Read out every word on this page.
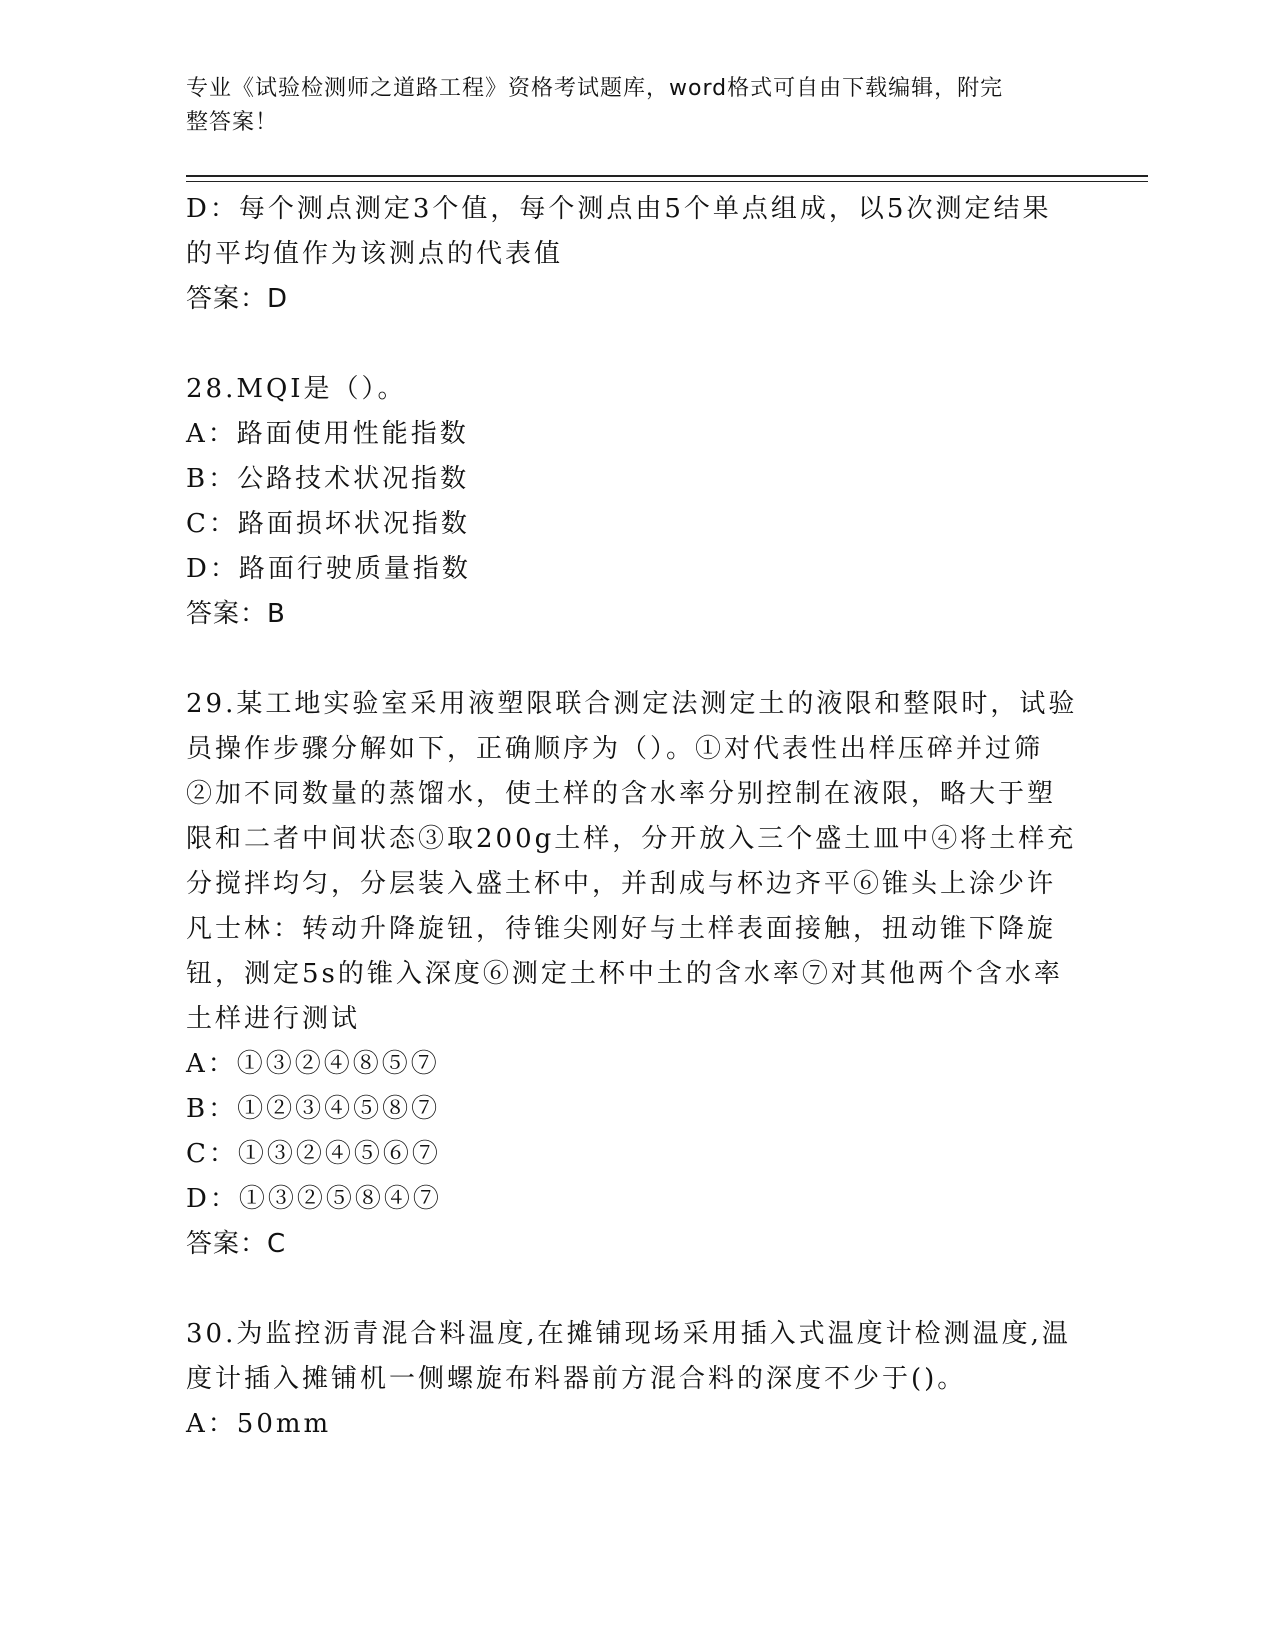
专业《试验检测师之道路工程》资格考试题库，word格式可自由下载编辑，附完
整答案！

D：每个测点测定3个值，每个测点由5个单点组成，以5次测定结果

的平均值作为该测点的代表值

答案：D

28.MQI是（）。

A：路面使用性能指数

B：公路技术状况指数

C：路面损坏状况指数

D：路面行驶质量指数

答案：B

29.某工地实验室采用液塑限联合测定法测定土的液限和整限时，试验

员操作步骤分解如下，正确顺序为（）。①对代表性出样压碎并过筛

②加不同数量的蒸馏水，使土样的含水率分别控制在液限，略大于塑

限和二者中间状态③取200g土样，分开放入三个盛土皿中④将土样充

分搅拌均匀，分层装入盛土杯中，并刮成与杯边齐平⑥锥头上涂少许

凡士林：转动升降旋钮，待锥尖刚好与土样表面接触，扭动锥下降旋

钮，测定5s的锥入深度⑥测定土杯中土的含水率⑦对其他两个含水率

土样进行测试

A：①③②④⑧⑤⑦

B：①②③④⑤⑧⑦

C：①③②④⑤⑥⑦

D：①③②⑤⑧④⑦

答案：C

30.为监控沥青混合料温度,在摊铺现场采用插入式温度计检测温度,温

度计插入摊铺机一侧螺旋布料器前方混合料的深度不少于()。

A：50mm
